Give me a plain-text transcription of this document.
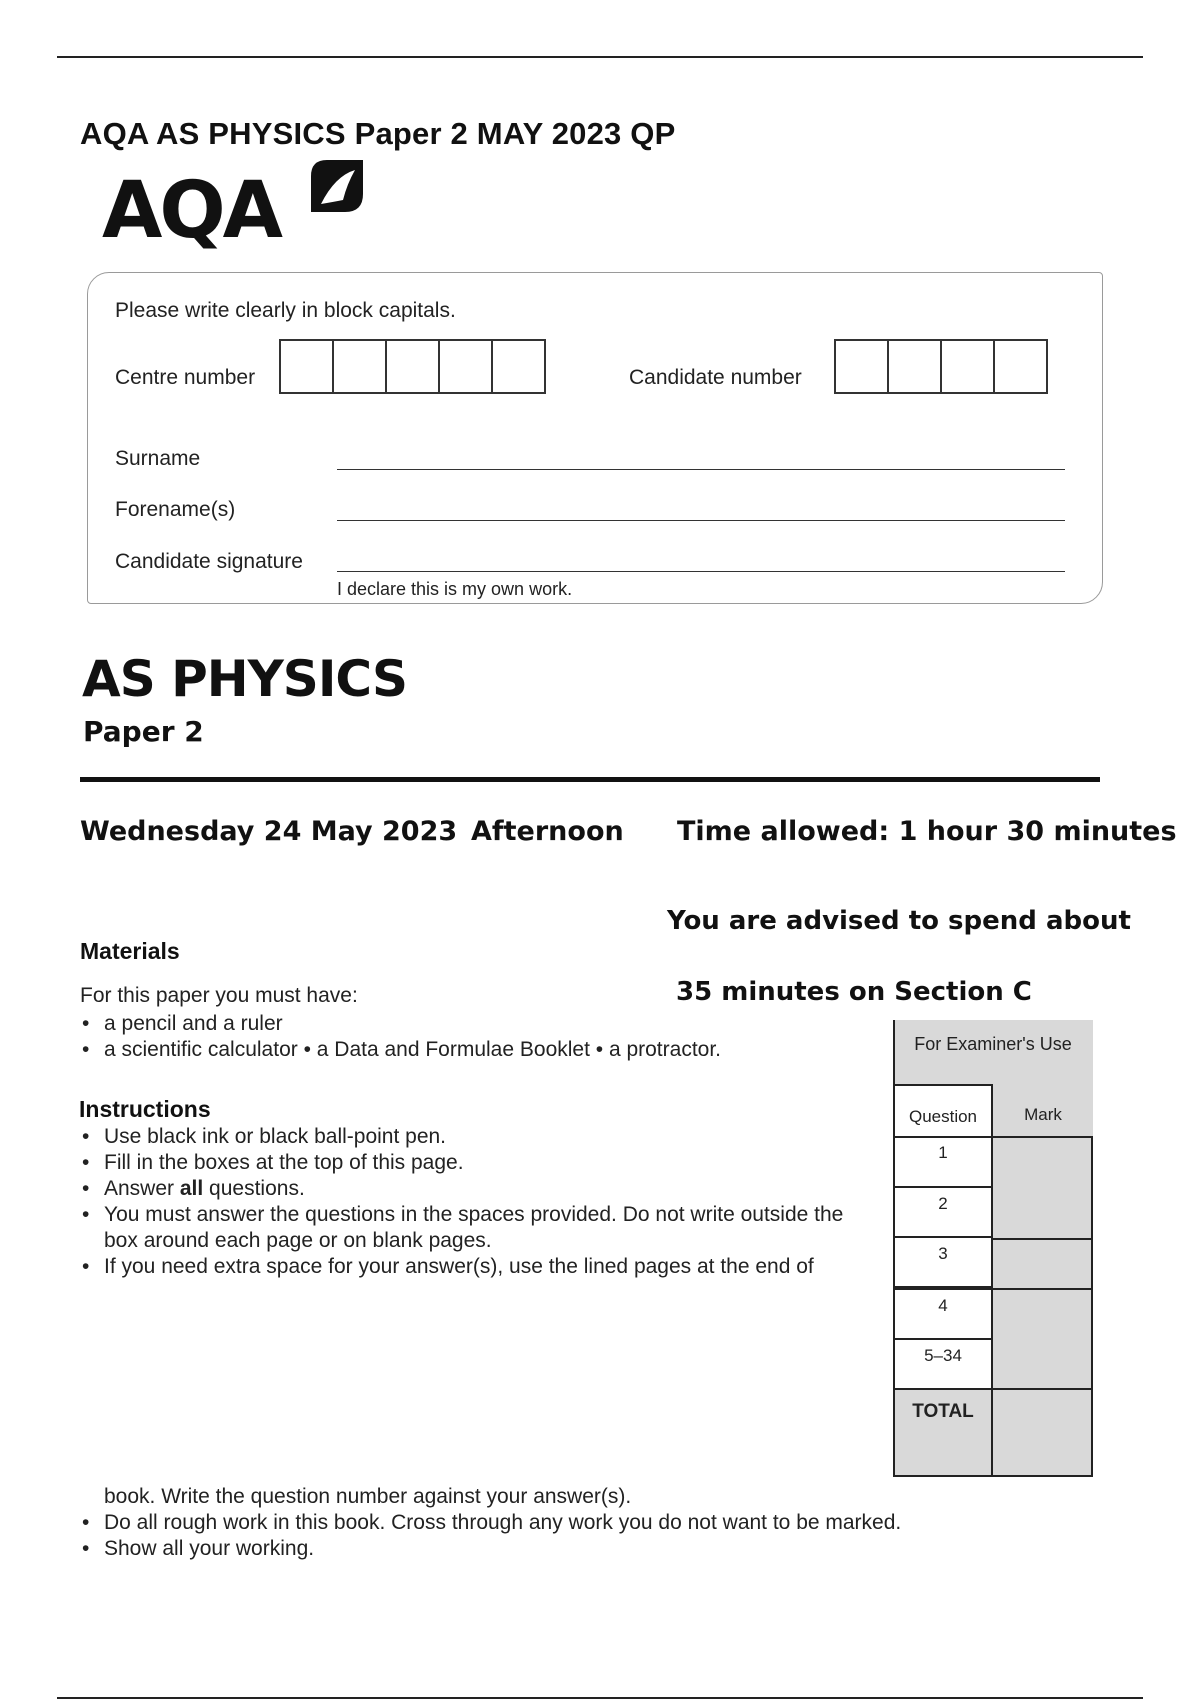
AQA AS PHYSICS Paper 2 MAY 2023 QP
AQA
Please write clearly in block capitals.
Centre number	Candidate number
Surname
Forename(s)
Candidate signature
I declare this is my own work.
AS PHYSICS
Paper 2
Wednesday 24 May 2023 Afternoon Time allowed: 1 hour 30 minutes
You are advised to spend about
35 minutes on Section C
Materials
For this paper you must have:
• a pencil and a ruler
• a scientific calculator • a Data and Formulae Booklet • a protractor.
Instructions
• Use black ink or black ball-point pen.
• Fill in the boxes at the top of this page.
• Answer all questions.
• You must answer the questions in the spaces provided. Do not write outside the box around each page or on blank pages.
• If you need extra space for your answer(s), use the lined pages at the end of
book. Write the question number against your answer(s).
• Do all rough work in this book. Cross through any work you do not want to be marked.
• Show all your working.
For Examiner's Use
Question	Mark
1
2
3
4
5–34
TOTAL
